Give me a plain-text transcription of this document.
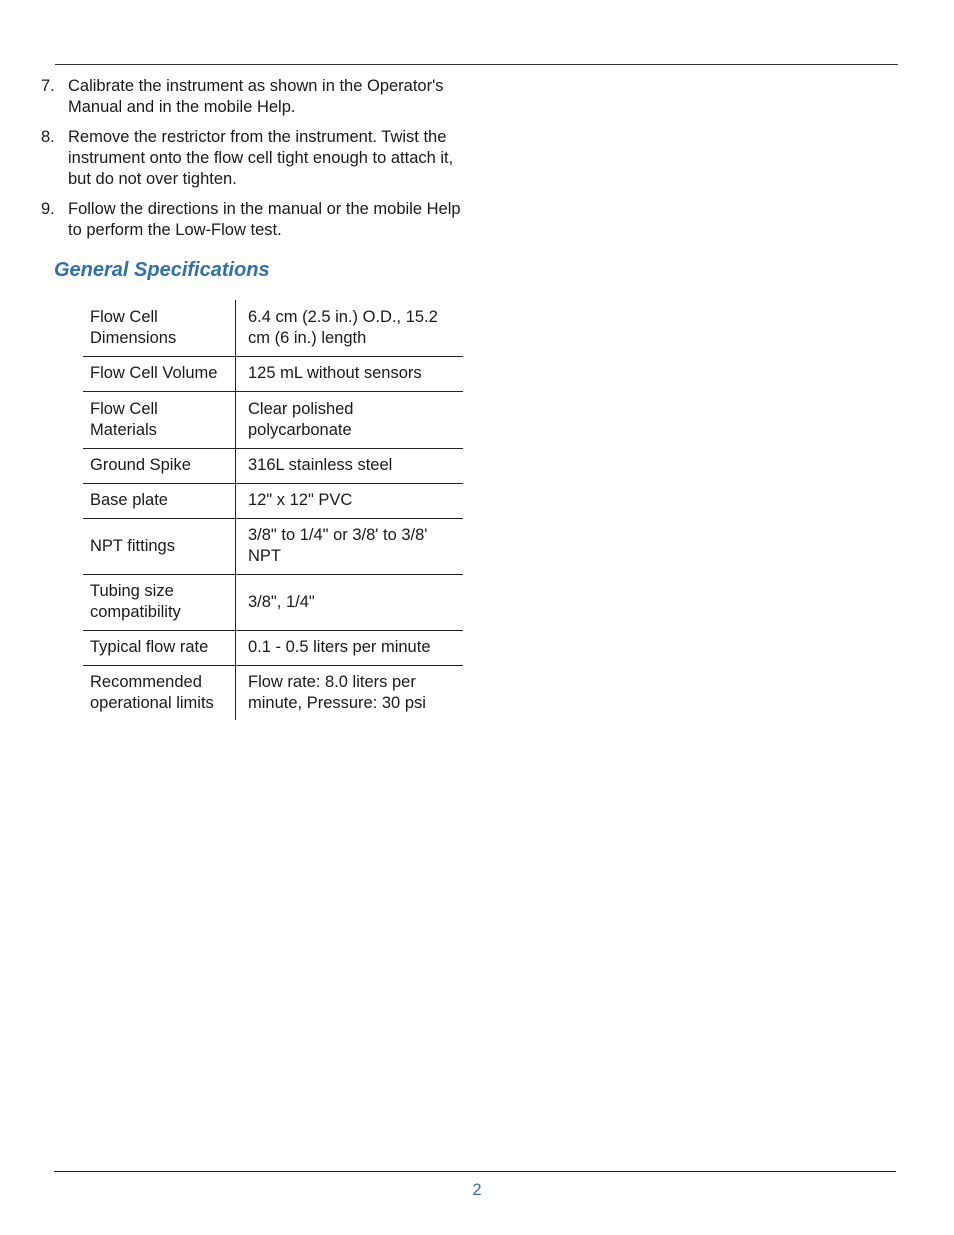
7. Calibrate the instrument as shown in the Operator's Manual and in the mobile Help.
8. Remove the restrictor from the instrument. Twist the instrument onto the flow cell tight enough to attach it, but do not over tighten.
9. Follow the directions in the manual or the mobile Help to perform the Low-Flow test.
General Specifications
Flow Cell Dimensions	6.4 cm (2.5 in.) O.D., 15.2 cm (6 in.) length
Flow Cell Volume	125 mL without sensors
Flow Cell Materials	Clear polished polycarbonate
Ground Spike	316L stainless steel
Base plate	12" x 12" PVC
NPT fittings	3/8" to 1/4" or 3/8' to 3/8' NPT
Tubing size compatibility	3/8", 1/4"
Typical flow rate	0.1 - 0.5 liters per minute
Recommended operational limits	Flow rate: 8.0 liters per minute, Pressure: 30 psi
2
